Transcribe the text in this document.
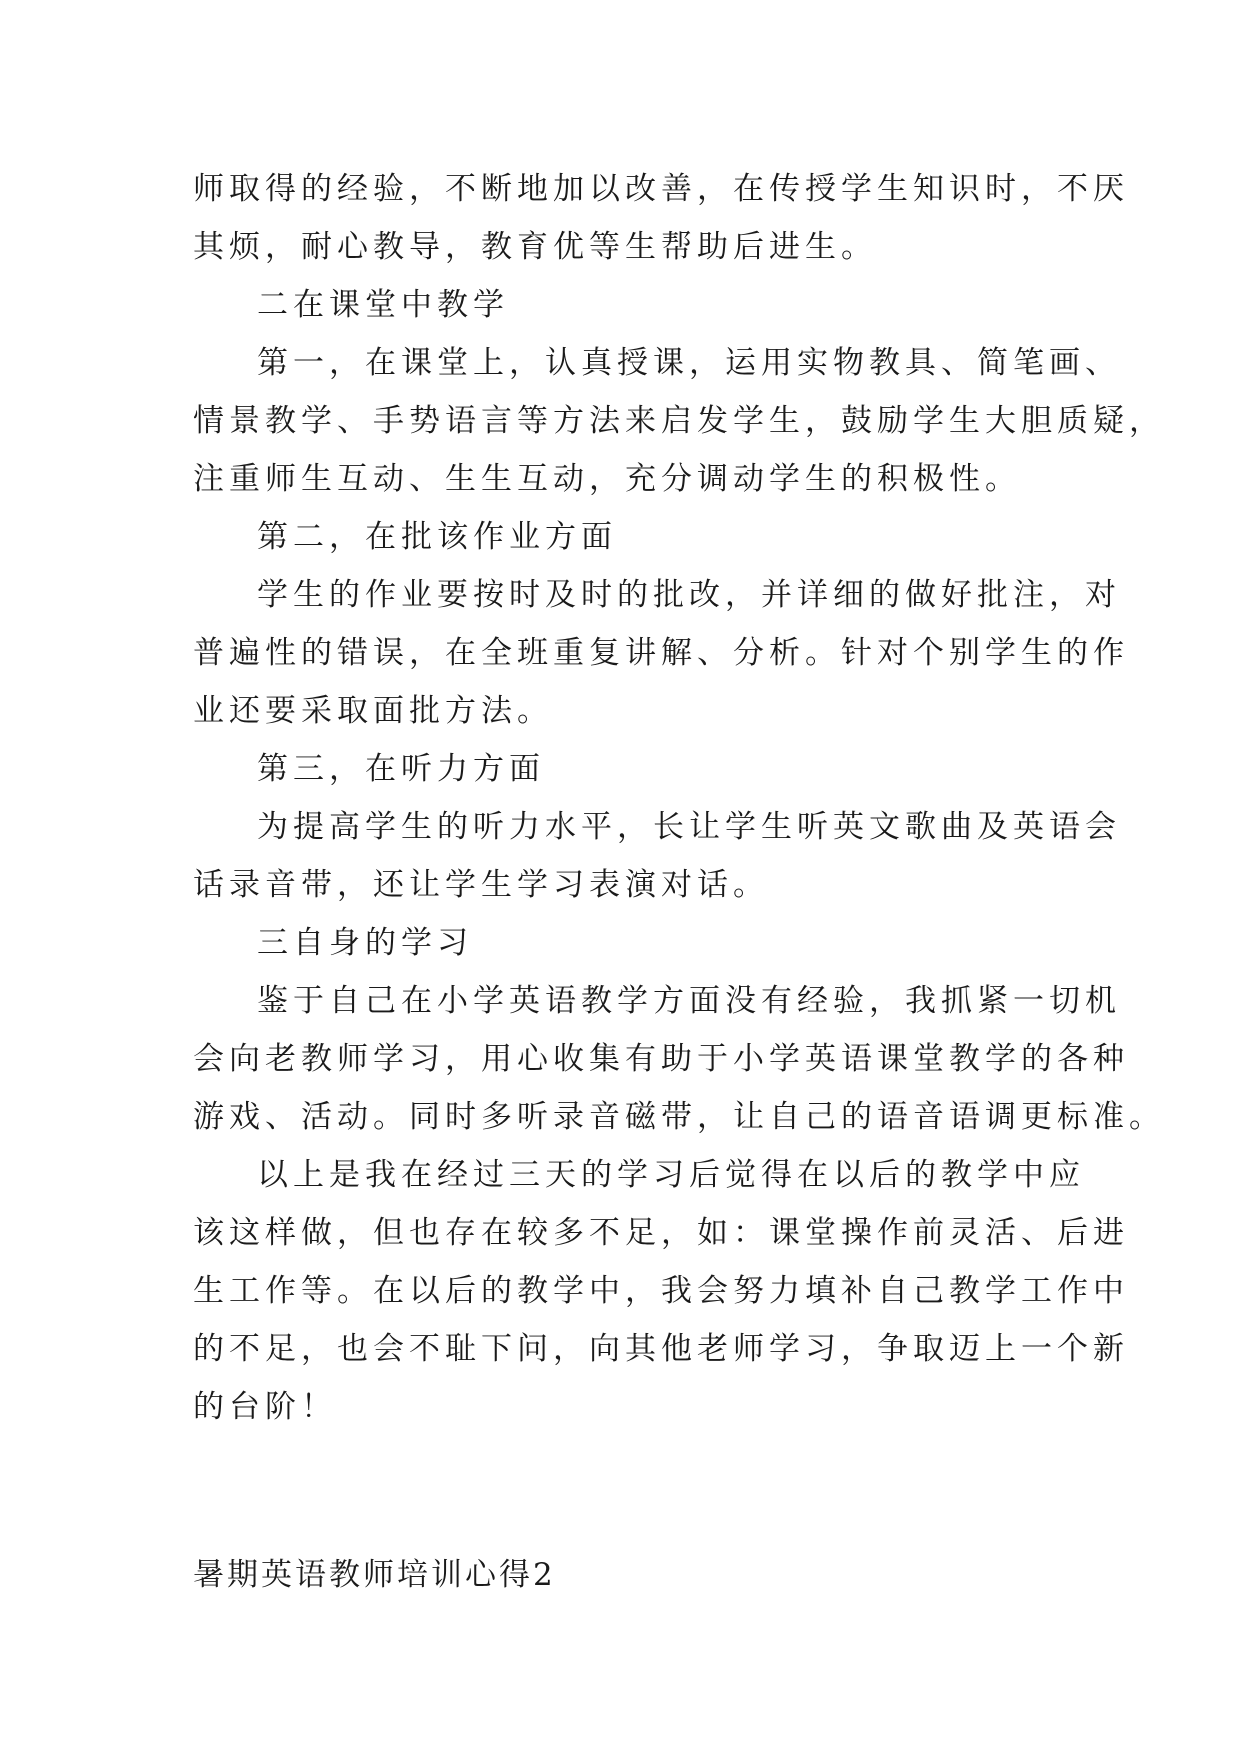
师取得的经验，不断地加以改善，在传授学生知识时，不厌
其烦，耐心教导，教育优等生帮助后进生。
二在课堂中教学
第一，在课堂上，认真授课，运用实物教具、简笔画、
情景教学、手势语言等方法来启发学生，鼓励学生大胆质疑，
注重师生互动、生生互动，充分调动学生的积极性。
第二，在批该作业方面
学生的作业要按时及时的批改，并详细的做好批注，对
普遍性的错误，在全班重复讲解、分析。针对个别学生的作
业还要采取面批方法。
第三，在听力方面
为提高学生的听力水平，长让学生听英文歌曲及英语会
话录音带，还让学生学习表演对话。
三自身的学习
鉴于自己在小学英语教学方面没有经验，我抓紧一切机
会向老教师学习，用心收集有助于小学英语课堂教学的各种
游戏、活动。同时多听录音磁带，让自己的语音语调更标准。
以上是我在经过三天的学习后觉得在以后的教学中应
该这样做，但也存在较多不足，如：课堂操作前灵活、后进
生工作等。在以后的教学中，我会努力填补自己教学工作中
的不足，也会不耻下问，向其他老师学习，争取迈上一个新
的台阶！
暑期英语教师培训心得2
